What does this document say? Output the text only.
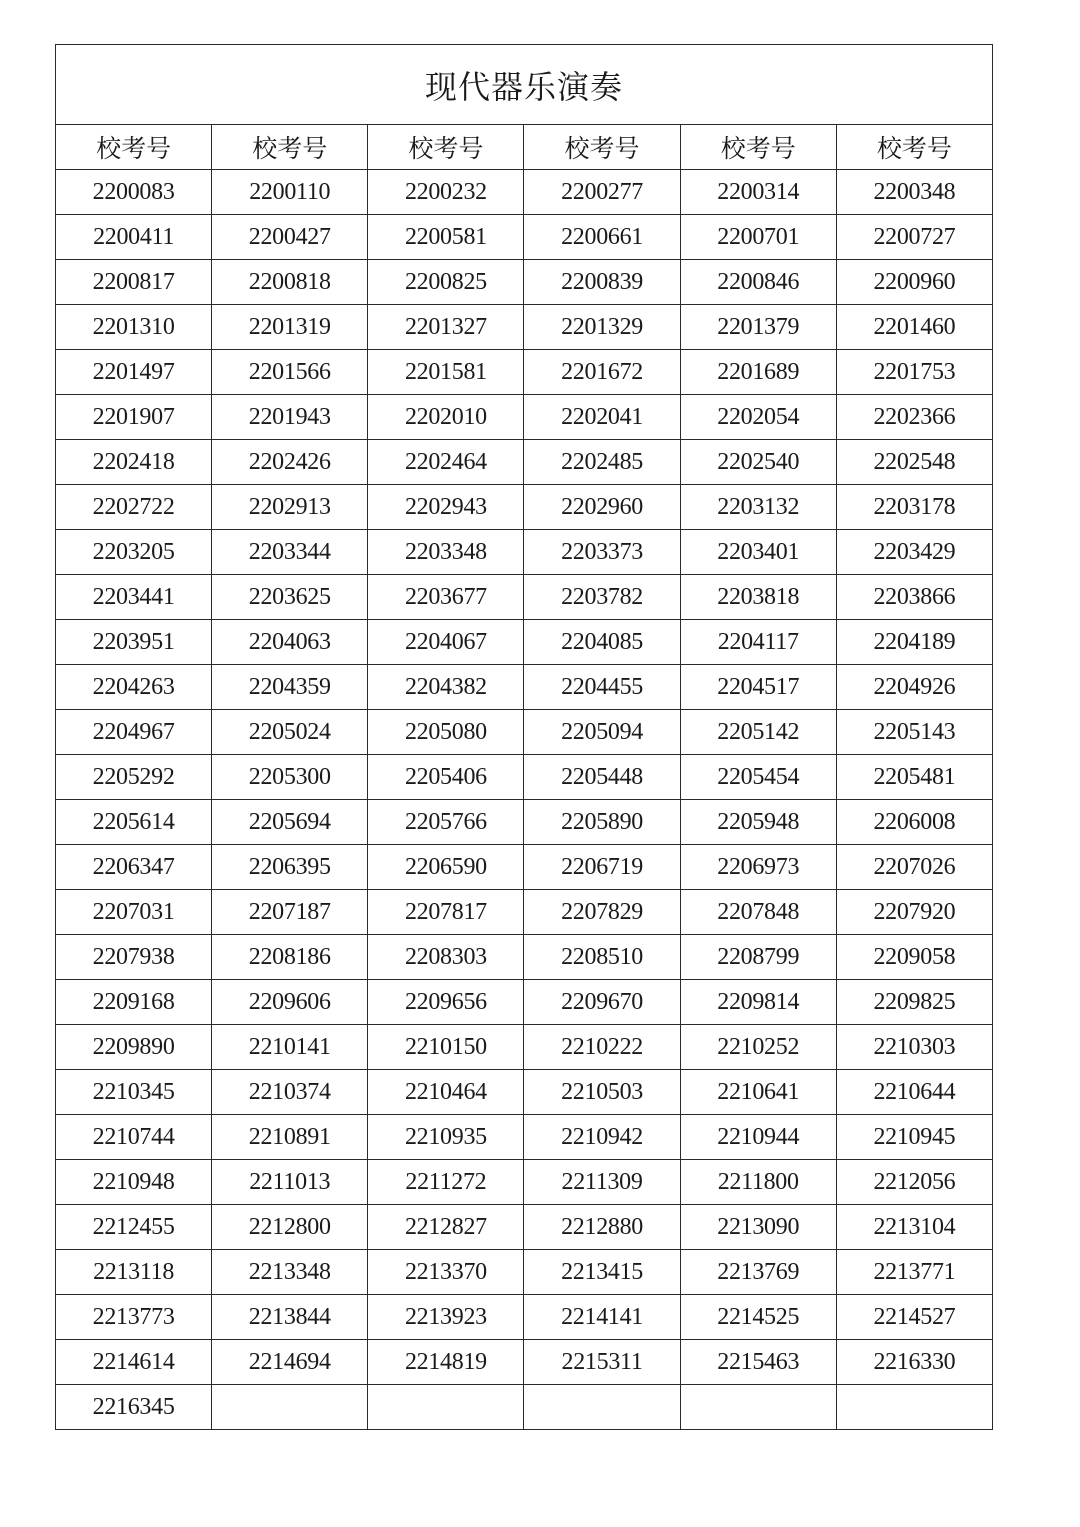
现代器乐演奏					
校考号	校考号	校考号	校考号	校考号	校考号
2200083	2200110	2200232	2200277	2200314	2200348
2200411	2200427	2200581	2200661	2200701	2200727
2200817	2200818	2200825	2200839	2200846	2200960
2201310	2201319	2201327	2201329	2201379	2201460
2201497	2201566	2201581	2201672	2201689	2201753
2201907	2201943	2202010	2202041	2202054	2202366
2202418	2202426	2202464	2202485	2202540	2202548
2202722	2202913	2202943	2202960	2203132	2203178
2203205	2203344	2203348	2203373	2203401	2203429
2203441	2203625	2203677	2203782	2203818	2203866
2203951	2204063	2204067	2204085	2204117	2204189
2204263	2204359	2204382	2204455	2204517	2204926
2204967	2205024	2205080	2205094	2205142	2205143
2205292	2205300	2205406	2205448	2205454	2205481
2205614	2205694	2205766	2205890	2205948	2206008
2206347	2206395	2206590	2206719	2206973	2207026
2207031	2207187	2207817	2207829	2207848	2207920
2207938	2208186	2208303	2208510	2208799	2209058
2209168	2209606	2209656	2209670	2209814	2209825
2209890	2210141	2210150	2210222	2210252	2210303
2210345	2210374	2210464	2210503	2210641	2210644
2210744	2210891	2210935	2210942	2210944	2210945
2210948	2211013	2211272	2211309	2211800	2212056
2212455	2212800	2212827	2212880	2213090	2213104
2213118	2213348	2213370	2213415	2213769	2213771
2213773	2213844	2213923	2214141	2214525	2214527
2214614	2214694	2214819	2215311	2215463	2216330
2216345					
